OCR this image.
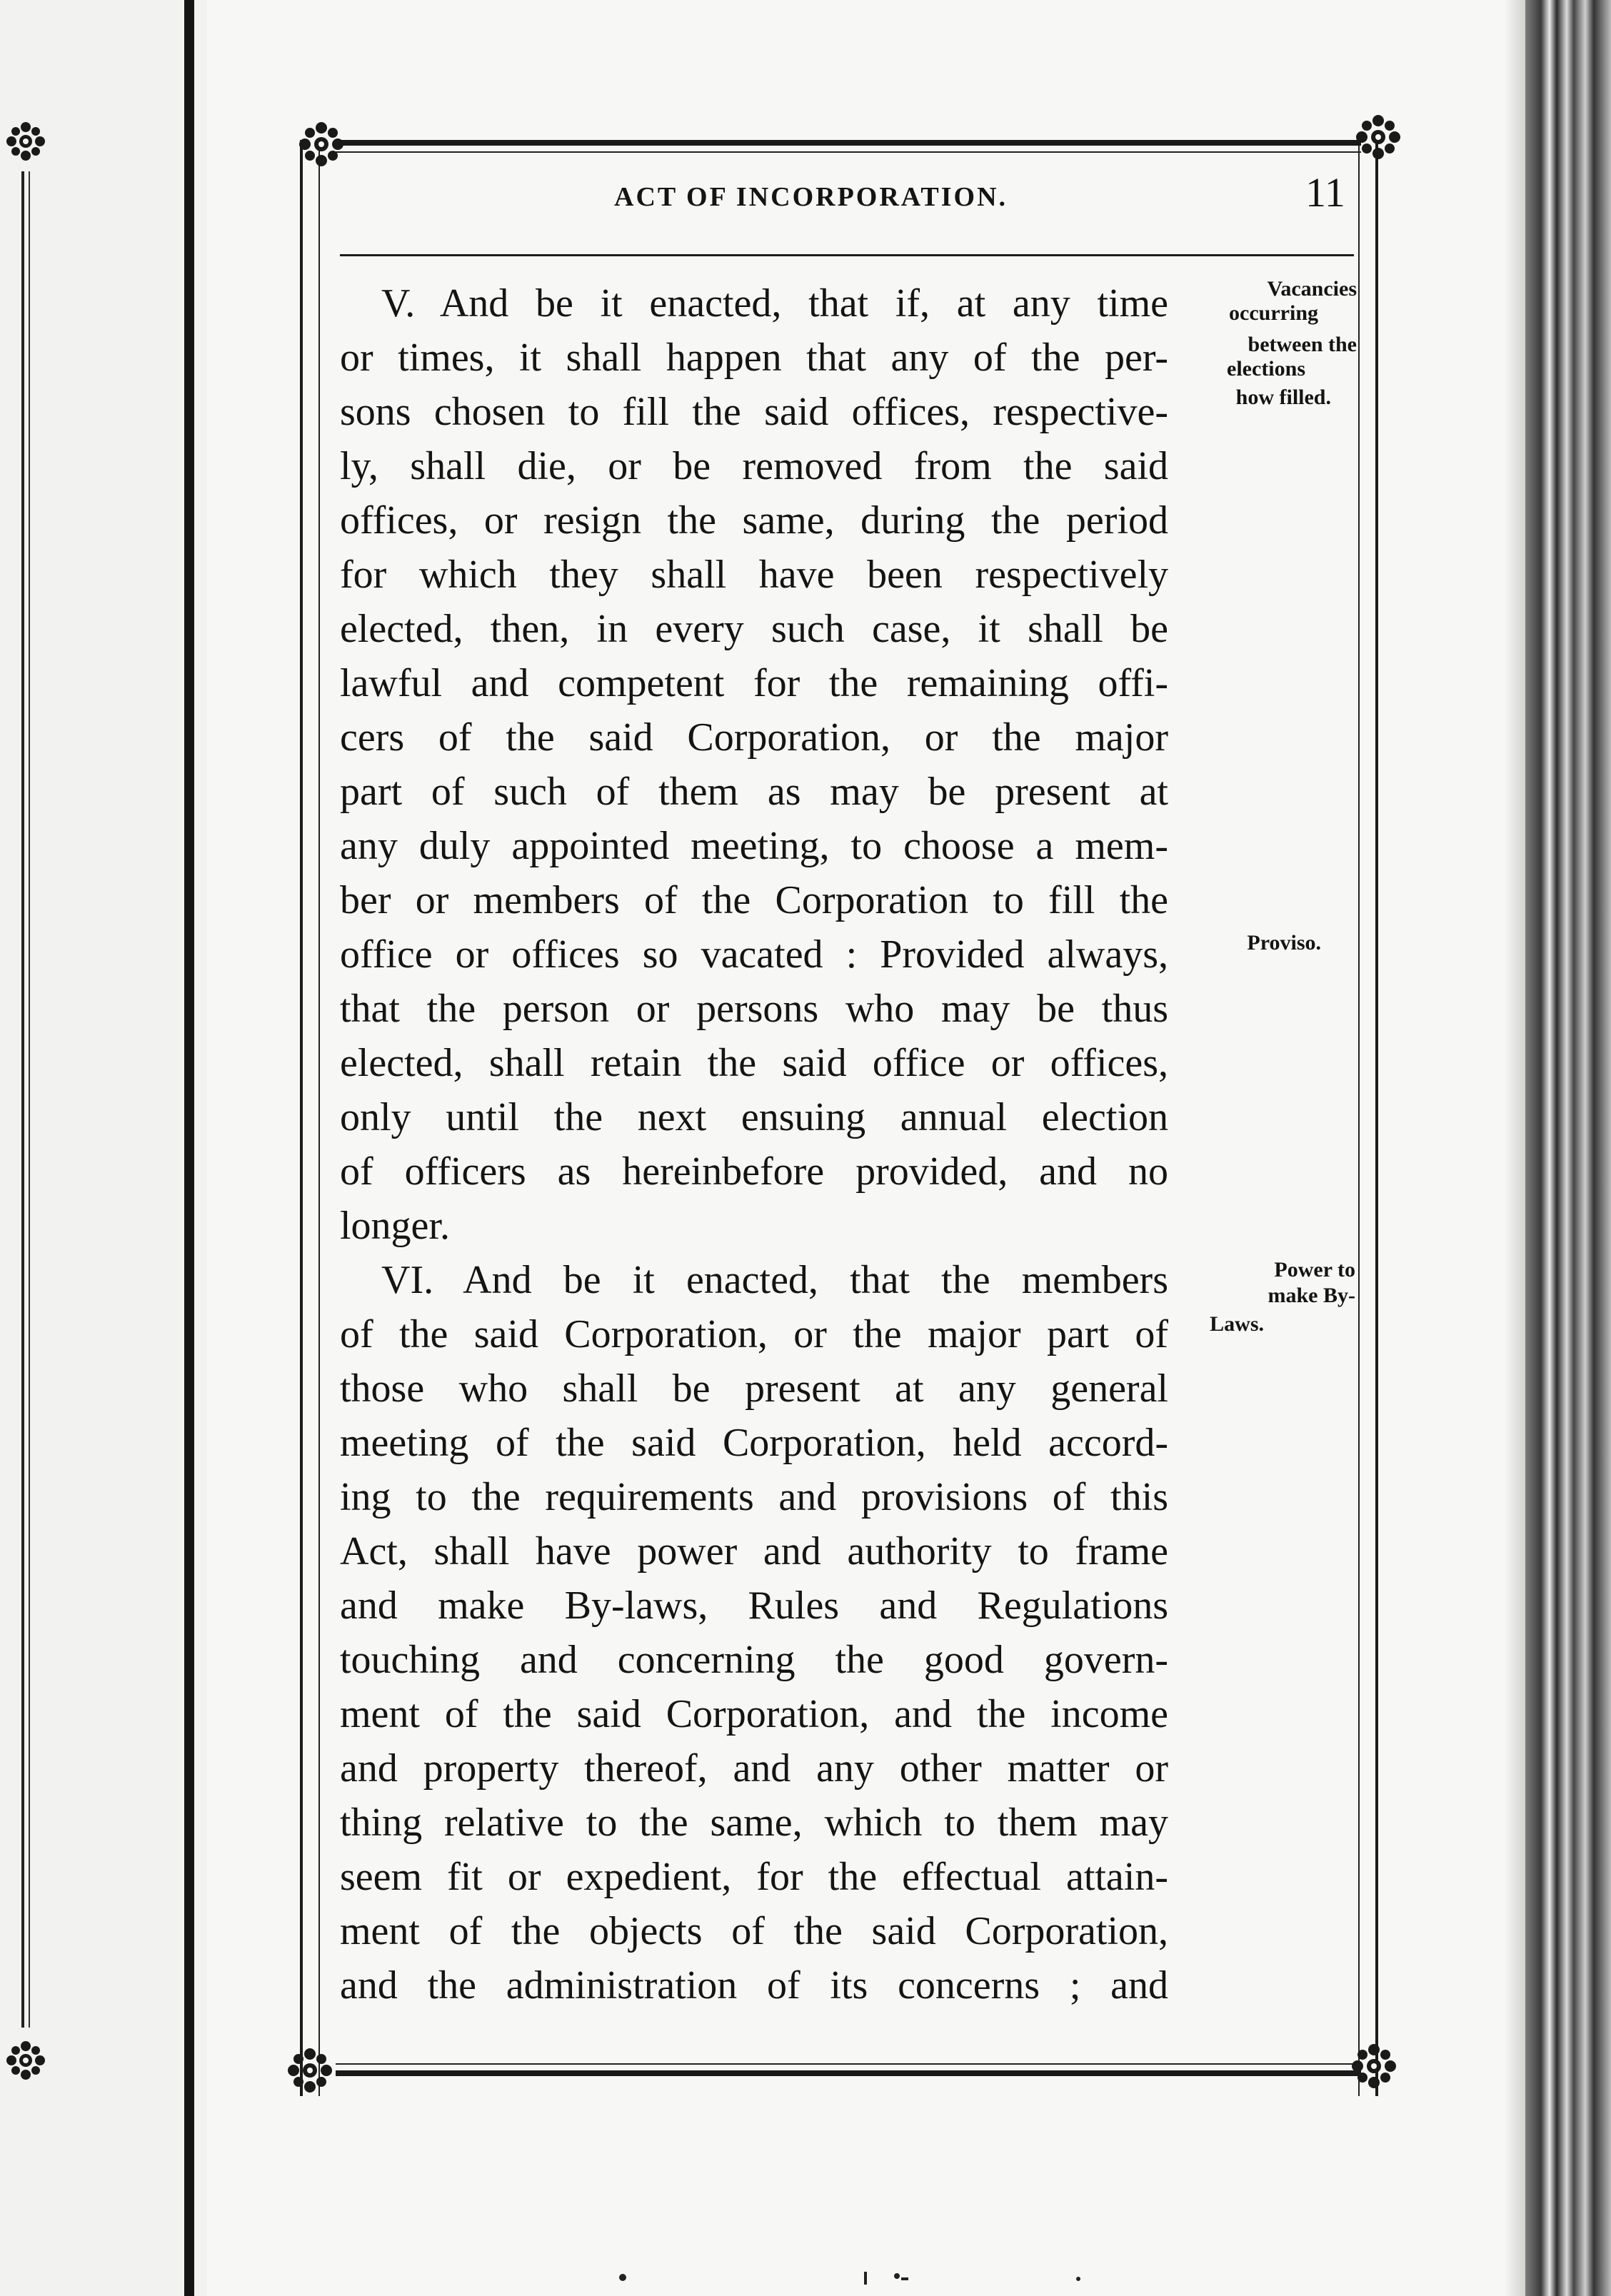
ACT OF INCORPORATION.	11
V. And be it enacted, that if, at any time
or times, it shall happen that any of the per-
sons chosen to fill the said offices, respective-
ly, shall die, or be removed from the said
offices, or resign the same, during the period
for which they shall have been respectively
elected, then, in every such case, it shall be
lawful and competent for the remaining offi-
cers of the said Corporation, or the major
part of such of them as may be present at
any duly appointed meeting, to choose a mem-
ber or members of the Corporation to fill the
office or offices so vacated : Provided always,
that the person or persons who may be thus
elected, shall retain the said office or offices,
only until the next ensuing annual election
of officers as hereinbefore provided, and no
longer.
VI. And be it enacted, that the members
of the said Corporation, or the major part of
those who shall be present at any general
meeting of the said Corporation, held accord-
ing to the requirements and provisions of this
Act, shall have power and authority to frame
and make By-laws, Rules and Regulations
touching and concerning the good govern-
ment of the said Corporation, and the income
and property thereof, and any other matter or
thing relative to the same, which to them may
seem fit or expedient, for the effectual attain-
ment of the objects of the said Corporation,
and the administration of its concerns ; and
Vacancies
occurring
between the
elections
how filled.
Proviso.
Power to
make By-
Laws.
